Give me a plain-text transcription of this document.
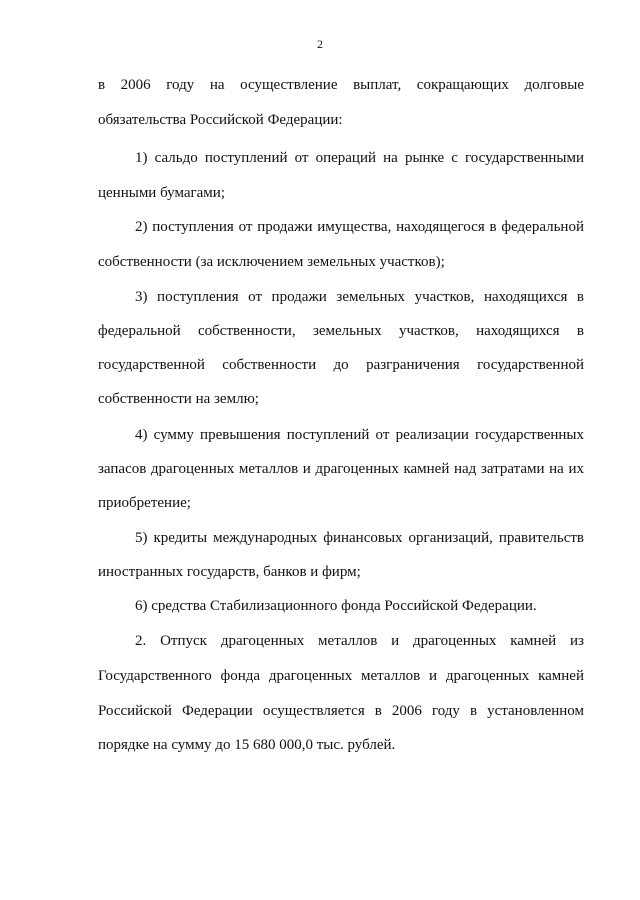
2
в 2006 году на осуществление выплат, сокращающих долговые
обязательства Российской Федерации:
1) сальдо поступлений от операций на рынке с государственными
ценными бумагами;
2) поступления от продажи имущества, находящегося в федеральной
собственности (за исключением земельных участков);
3) поступления от продажи земельных участков, находящихся в
федеральной собственности, земельных участков, находящихся в
государственной собственности до разграничения государственной
собственности на землю;
4) сумму превышения поступлений от реализации государственных
запасов драгоценных металлов и драгоценных камней над затратами на их
приобретение;
5) кредиты международных финансовых организаций, правительств
иностранных государств, банков и фирм;
6) средства Стабилизационного фонда Российской Федерации.
2. Отпуск драгоценных металлов и драгоценных камней из
Государственного фонда драгоценных металлов и драгоценных камней
Российской Федерации осуществляется в 2006 году в установленном
порядке на сумму до 15 680 000,0 тыс. рублей.
